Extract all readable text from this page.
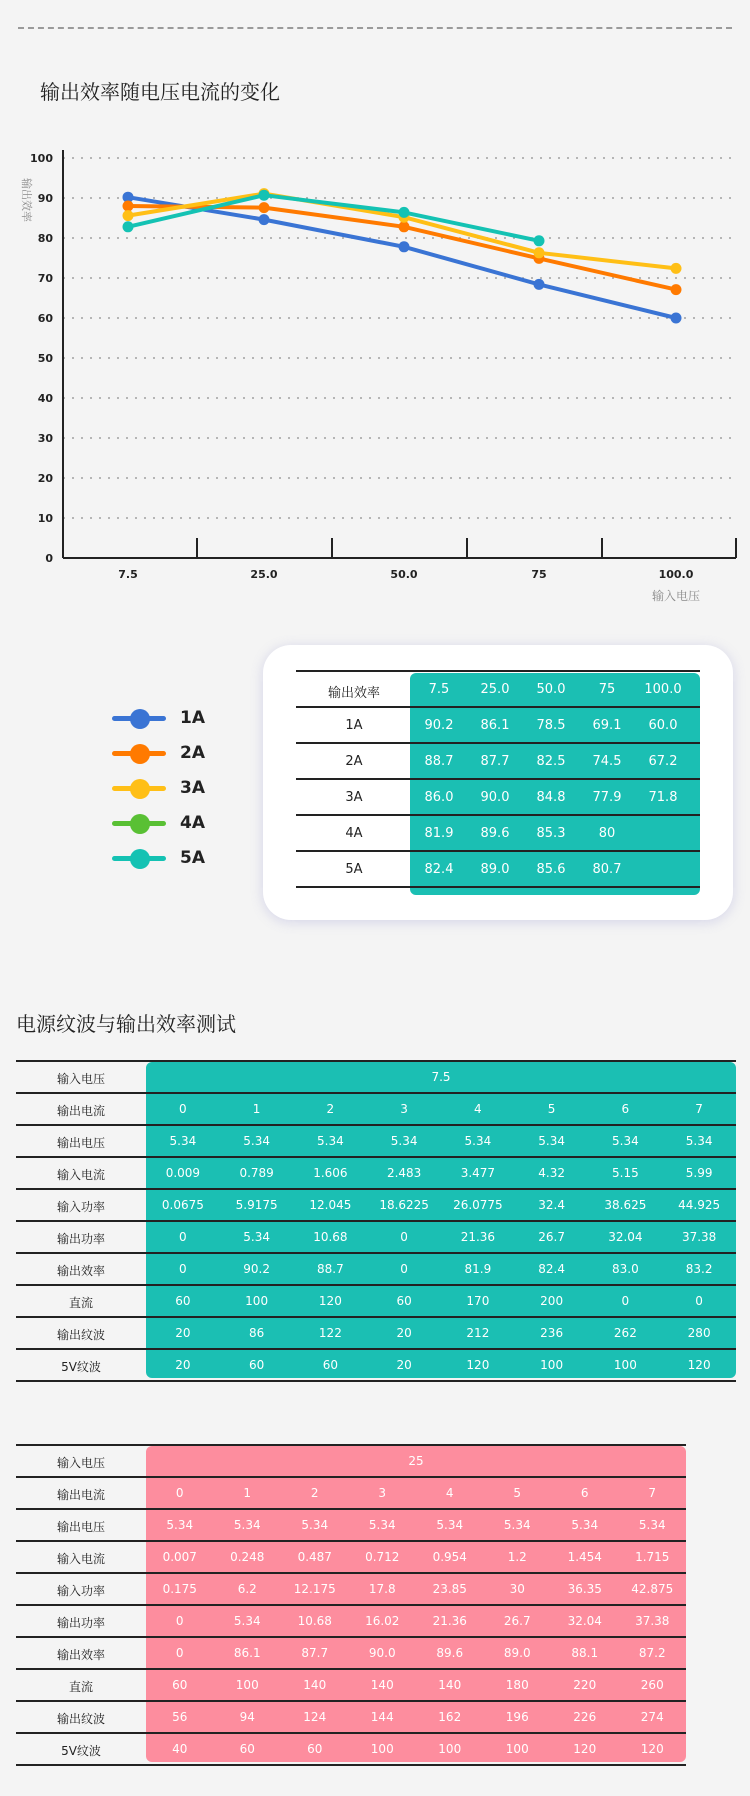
输出效率随电压电流的变化
0
10
20
30
40
50
60
70
80
90
100
7.5	25.0	50.0	75	100.0
输出效率
输入电压
1A
2A
3A
4A
5A
输出效率	7.5	25.0	50.0	75	100.0
1A	90.2	86.1	78.5	69.1	60.0
2A	88.7	87.7	82.5	74.5	67.2
3A	86.0	90.0	84.8	77.9	71.8
4A	81.9	89.6	85.3	80
5A	82.4	89.0	85.6	80.7
电源纹波与输出效率测试
输入电压	7.5
输出电流	0	1	2	3	4	5	6	7
输出电压	5.34	5.34	5.34	5.34	5.34	5.34	5.34	5.34
输入电流	0.009	0.789	1.606	2.483	3.477	4.32	5.15	5.99
输入功率	0.0675	5.9175	12.045	18.6225	26.0775	32.4	38.625	44.925
输出功率	0	5.34	10.68	0	21.36	26.7	32.04	37.38
输出效率	0	90.2	88.7	0	81.9	82.4	83.0	83.2
直流	60	100	120	60	170	200	0	0
输出纹波	20	86	122	20	212	236	262	280
5V纹波	20	60	60	20	120	100	100	120
输入电压	25
输出电流	0	1	2	3	4	5	6	7
输出电压	5.34	5.34	5.34	5.34	5.34	5.34	5.34	5.34
输入电流	0.007	0.248	0.487	0.712	0.954	1.2	1.454	1.715
输入功率	0.175	6.2	12.175	17.8	23.85	30	36.35	42.875
输出功率	0	5.34	10.68	16.02	21.36	26.7	32.04	37.38
输出效率	0	86.1	87.7	90.0	89.6	89.0	88.1	87.2
直流	60	100	140	140	140	180	220	260
输出纹波	56	94	124	144	162	196	226	274
5V纹波	40	60	60	100	100	100	120	120
